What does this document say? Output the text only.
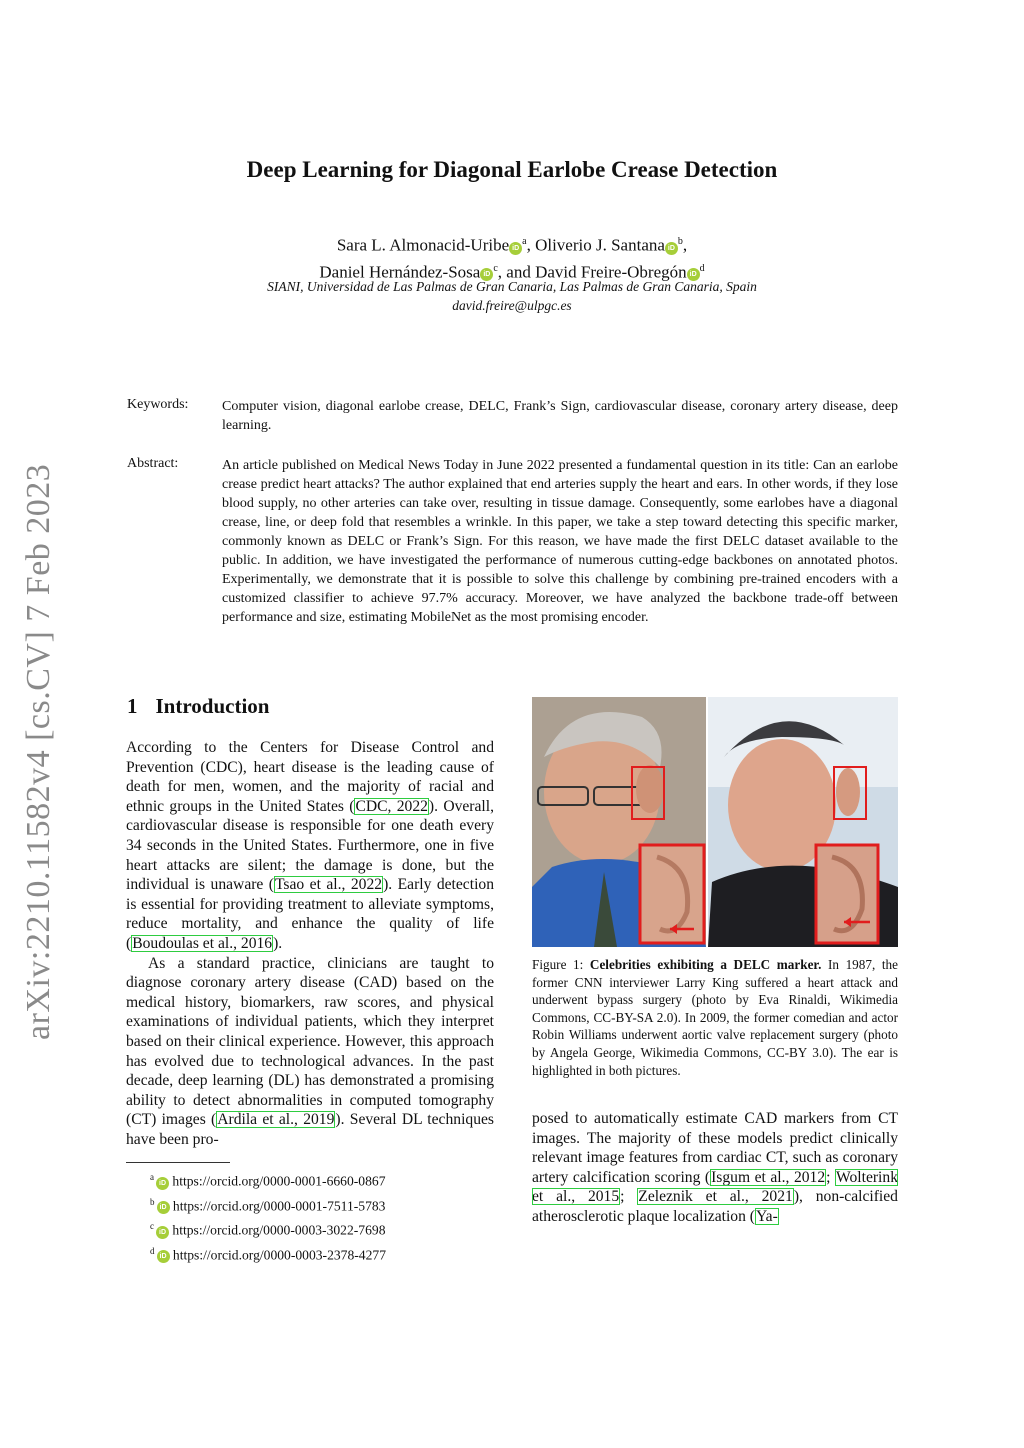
arXiv:2210.11582v4 [cs.CV] 7 Feb 2023
Deep Learning for Diagonal Earlobe Crease Detection
Sara L. Almonacid-Uribe $iD^a$, Oliverio J. Santana $iD^b$,
Daniel Hernández-Sosa $iD^c$, and David Freire-Obregón $iD^d$
SIANI, Universidad de Las Palmas de Gran Canaria, Las Palmas de Gran Canaria, Spain
david.freire@ulpgc.es
Keywords: Computer vision, diagonal earlobe crease, DELC, Frank’s Sign, cardiovascular disease, coronary artery disease, deep learning.
Abstract:	An article published on Medical News Today in June 2022 presented a fundamental question in its title: Can an earlobe crease predict heart attacks? The author explained that end arteries supply the heart and ears. In other words, if they lose blood supply, no other arteries can take over, resulting in tissue damage. Consequently, some earlobes have a diagonal crease, line, or deep fold that resembles a wrinkle. In this paper, we take a step toward detecting this specific marker, commonly known as DELC or Frank’s Sign. For this reason, we have made the first DELC dataset available to the public. In addition, we have investigated the performance of numerous cutting-edge backbones on annotated photos. Experimentally, we demonstrate that it is possible to solve this challenge by combining pre-trained encoders with a customized classifier to achieve 97.7% accuracy. Moreover, we have analyzed the backbone trade-off between performance and size, estimating MobileNet as the most promising encoder.
1 Introduction

According to the Centers for Disease Control and Prevention (CDC), heart disease is the leading cause of death for men, women, and the majority of racial and ethnic groups in the United States (CDC, 2022). Overall, cardiovascular disease is responsible for one death every 34 seconds in the United States. Furthermore, one in five heart attacks are silent; the damage is done, but the individual is unaware (Tsao et al., 2022). Early detection is essential for providing treatment to alleviate symptoms, reduce mortality, and enhance the quality of life (Boudoulas et al., 2016).

As a standard practice, clinicians are taught to diagnose coronary artery disease (CAD) based on the medical history, biomarkers, raw scores, and physical examinations of individual patients, which they interpret based on their clinical experience. However, this approach has evolved due to technological advances. In the past decade, deep learning (DL) has demonstrated a promising ability to detect abnormalities in computed tomography (CT) images (Ardila et al., 2019). Several DL techniques have been pro-

$^a$iD https://orcid.org/0000-0001-6660-0867
$^b$iD https://orcid.org/0000-0001-7511-5783
$^c$iD https://orcid.org/0000-0003-3022-7698
$^d$iD https://orcid.org/0000-0003-2378-4277
Figure 1: Celebrities exhibiting a DELC marker. In 1987, the former CNN interviewer Larry King suffered a heart attack and underwent bypass surgery (photo by Eva Rinaldi, Wikimedia Commons, CC-BY-SA 2.0). In 2009, the former comedian and actor Robin Williams underwent aortic valve replacement surgery (photo by Angela George, Wikimedia Commons, CC-BY 3.0). The ear is highlighted in both pictures.
posed to automatically estimate CAD markers from CT images. The majority of these models predict clinically relevant image features from cardiac CT, such as coronary artery calcification scoring (Isgum et al., 2012; Wolterink et al., 2015; Zeleznik et al., 2021), non-calcified atherosclerotic plaque localization (Ya-
